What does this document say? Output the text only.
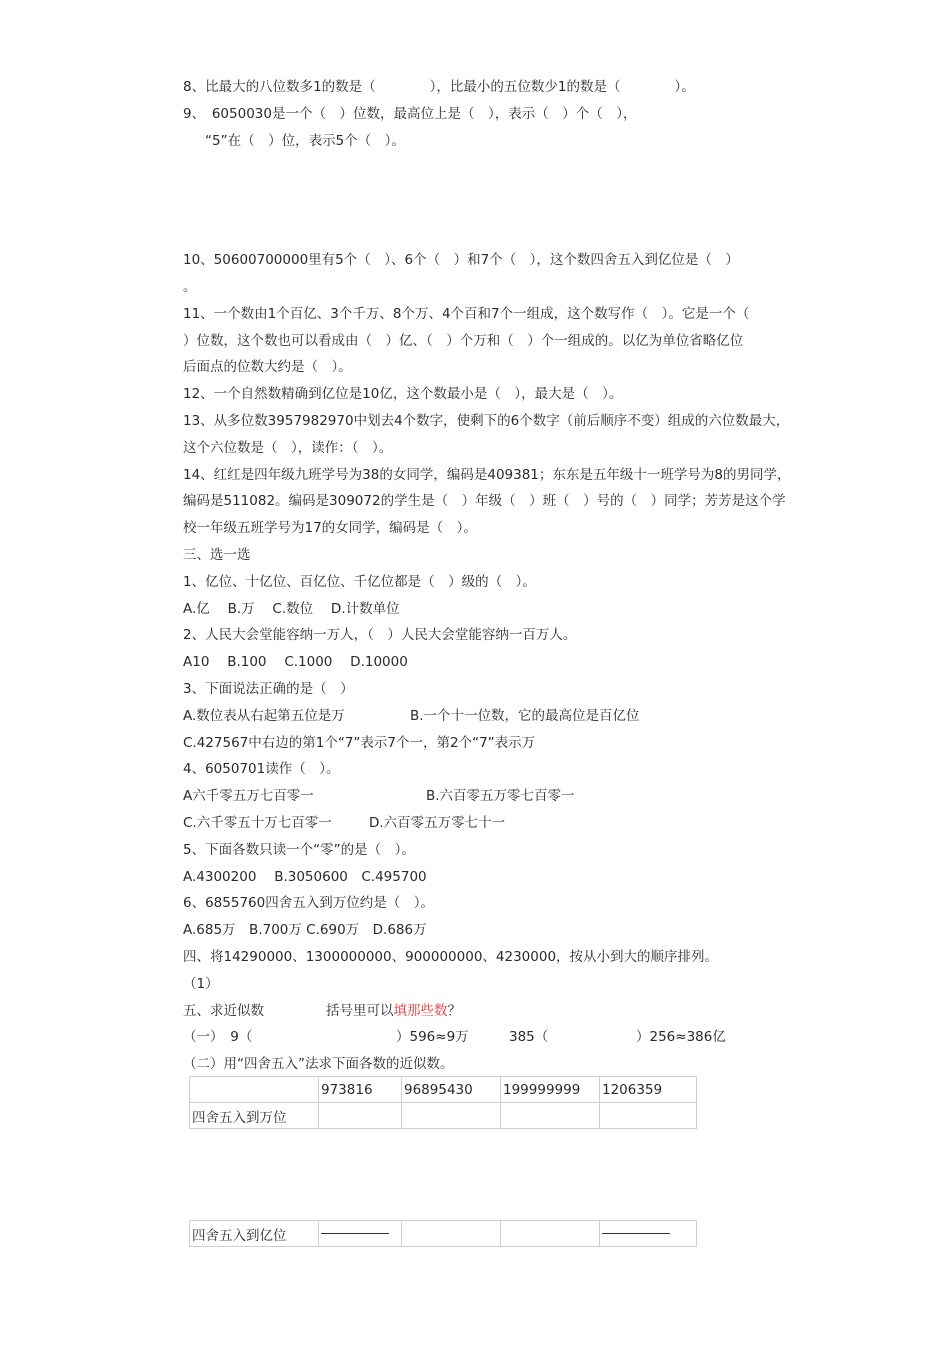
8、比最大的八位数多1的数是（　　　　），比最小的五位数少1的数是（　　　　）。
9、　6050030是一个（　）位数，最高位上是（　），表示（　）个（　），
“5”在（　）位，表示5个（　）。
10、50600700000里有5个（　）、6个（　）和7个（　），这个数四舍五入到亿位是（　）
。
11、一个数由1个百亿、3个千万、8个万、4个百和7个一组成，这个数写作（　）。它是一个（
）位数，这个数也可以看成由（　）亿、（　）个万和（　）个一组成的。以亿为单位省略亿位
后面点的位数大约是（　）。
12、一个自然数精确到亿位是10亿，这个数最小是（　），最大是（　）。
13、从多位数3957982970中划去4个数字，使剩下的6个数字（前后顺序不变）组成的六位数最大，
这个六位数是（　），读作：（　）。
14、红红是四年级九班学号为38的女同学，编码是409381；东东是五年级十一班学号为8的男同学，
编码是511082。编码是309072的学生是（　）年级（　）班（　）号的（　）同学；芳芳是这个学
校一年级五班学号为17的女同学，编码是（　）。
三、选一选
1、亿位、十亿位、百亿位、千亿位都是（　）级的（　）。
A.亿　 B.万　 C.数位　 D.计数单位
2、人民大会堂能容纳一万人，（　）人民大会堂能容纳一百万人。
A10　 B.100　 C.1000　 D.10000
3、下面说法正确的是（　）
A.数位表从右起第五位是万	B.一个十一位数，它的最高位是百亿位
C.427567中右边的第1个“7”表示7个一，第2个“7”表示万
4、6050701读作（　）。
A六千零五万七百零一	B.六百零五万零七百零一
C.六千零五十万七百零一	D.六百零五万零七十一
5、下面各数只读一个“零”的是（　）。
A.4300200　 B.3050600　C.495700
6、6855760四舍五入到万位约是（　）。
A.685万　B.700万 C.690万　D.686万
四、将14290000、1300000000、900000000、4230000，按从小到大的顺序排列。
（1）
五、求近似数	括号里可以填那些数？
（一）　9（	）596≈9万	385（	）256≈386亿
（二）用“四舍五入”法求下面各数的近似数。
	973816	96895430	199999999	1206359
四舍五入到万位				
四舍五入到亿位				
